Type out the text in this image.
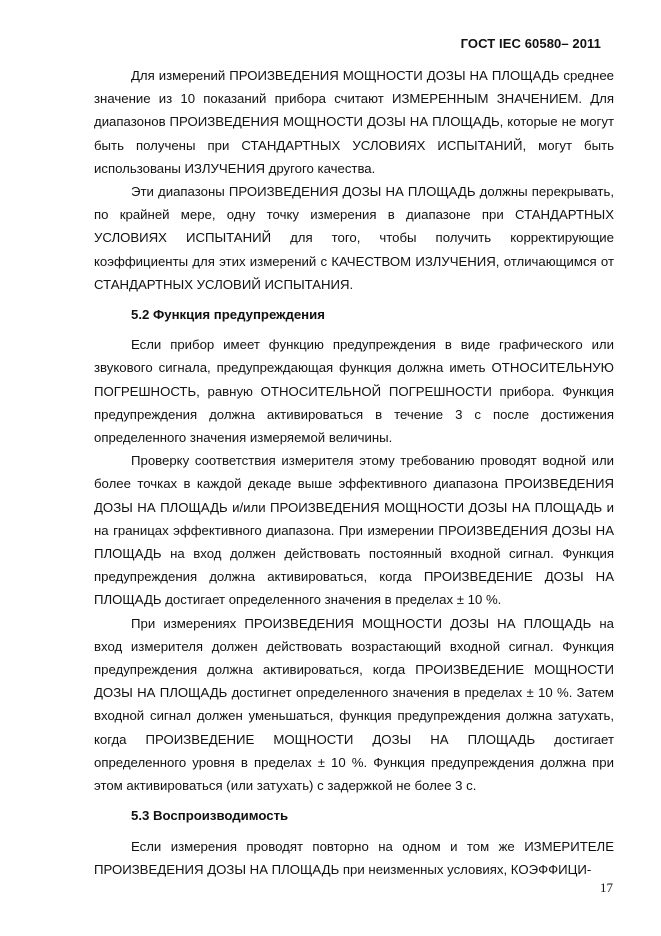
ГОСТ IEC 60580– 2011

Для измерений ПРОИЗВЕДЕНИЯ МОЩНОСТИ ДОЗЫ НА ПЛОЩАДЬ среднее значение из 10 показаний прибора считают ИЗМЕРЕННЫМ ЗНАЧЕНИЕМ. Для диапазонов ПРОИЗВЕДЕНИЯ МОЩНОСТИ ДОЗЫ НА ПЛОЩАДЬ, которые не могут быть получены при СТАНДАРТНЫХ УСЛОВИЯХ ИСПЫТАНИЙ, могут быть использованы ИЗЛУЧЕНИЯ другого качества.

Эти диапазоны ПРОИЗВЕДЕНИЯ ДОЗЫ НА ПЛОЩАДЬ должны перекрывать, по крайней мере, одну точку измерения в диапазоне при СТАНДАРТНЫХ УСЛОВИЯХ ИСПЫТАНИЙ для того, чтобы получить корректирующие коэффициенты для этих измерений с КАЧЕСТВОМ ИЗЛУЧЕНИЯ, отличающимся от СТАНДАРТНЫХ УСЛОВИЙ ИСПЫТАНИЯ.

5.2 Функция предупреждения

Если прибор имеет функцию предупреждения в виде графического или звукового сигнала, предупреждающая функция должна иметь ОТНОСИТЕЛЬНУЮ ПОГРЕШНОСТЬ, равную ОТНОСИТЕЛЬНОЙ ПОГРЕШНОСТИ прибора. Функция предупреждения должна активироваться в течение 3 с после достижения определенного значения измеряемой величины.

Проверку соответствия измерителя этому требованию проводят водной или более точках в каждой декаде выше эффективного диапазона ПРОИЗВЕДЕНИЯ ДОЗЫ НА ПЛОЩАДЬ и/или ПРОИЗВЕДЕНИЯ МОЩНОСТИ ДОЗЫ НА ПЛОЩАДЬ и на границах эффективного диапазона. При измерении ПРОИЗВЕДЕНИЯ ДОЗЫ НА ПЛОЩАДЬ на вход должен действовать постоянный входной сигнал. Функция предупреждения должна активироваться, когда ПРОИЗВЕДЕНИЕ ДОЗЫ НА ПЛОЩАДЬ достигает определенного значения в пределах ± 10 %.

При измерениях ПРОИЗВЕДЕНИЯ МОЩНОСТИ ДОЗЫ НА ПЛОЩАДЬ на вход измерителя должен действовать возрастающий входной сигнал. Функция предупреждения должна активироваться, когда ПРОИЗВЕДЕНИЕ МОЩНОСТИ ДОЗЫ НА ПЛОЩАДЬ достигнет определенного значения в пределах ± 10 %. Затем входной сигнал должен уменьшаться, функция предупреждения должна затухать, когда ПРОИЗВЕДЕНИЕ МОЩНОСТИ ДОЗЫ НА ПЛОЩАДЬ достигает определенного уровня в пределах ± 10 %. Функция предупреждения должна при этом активироваться (или затухать) с задержкой не более 3 с.

5.3 Воспроизводимость

Если измерения проводят повторно на одном и том же ИЗМЕРИТЕЛЕ ПРОИЗВЕДЕНИЯ ДОЗЫ НА ПЛОЩАДЬ при неизменных условиях, КОЭФФИЦИ-

17
